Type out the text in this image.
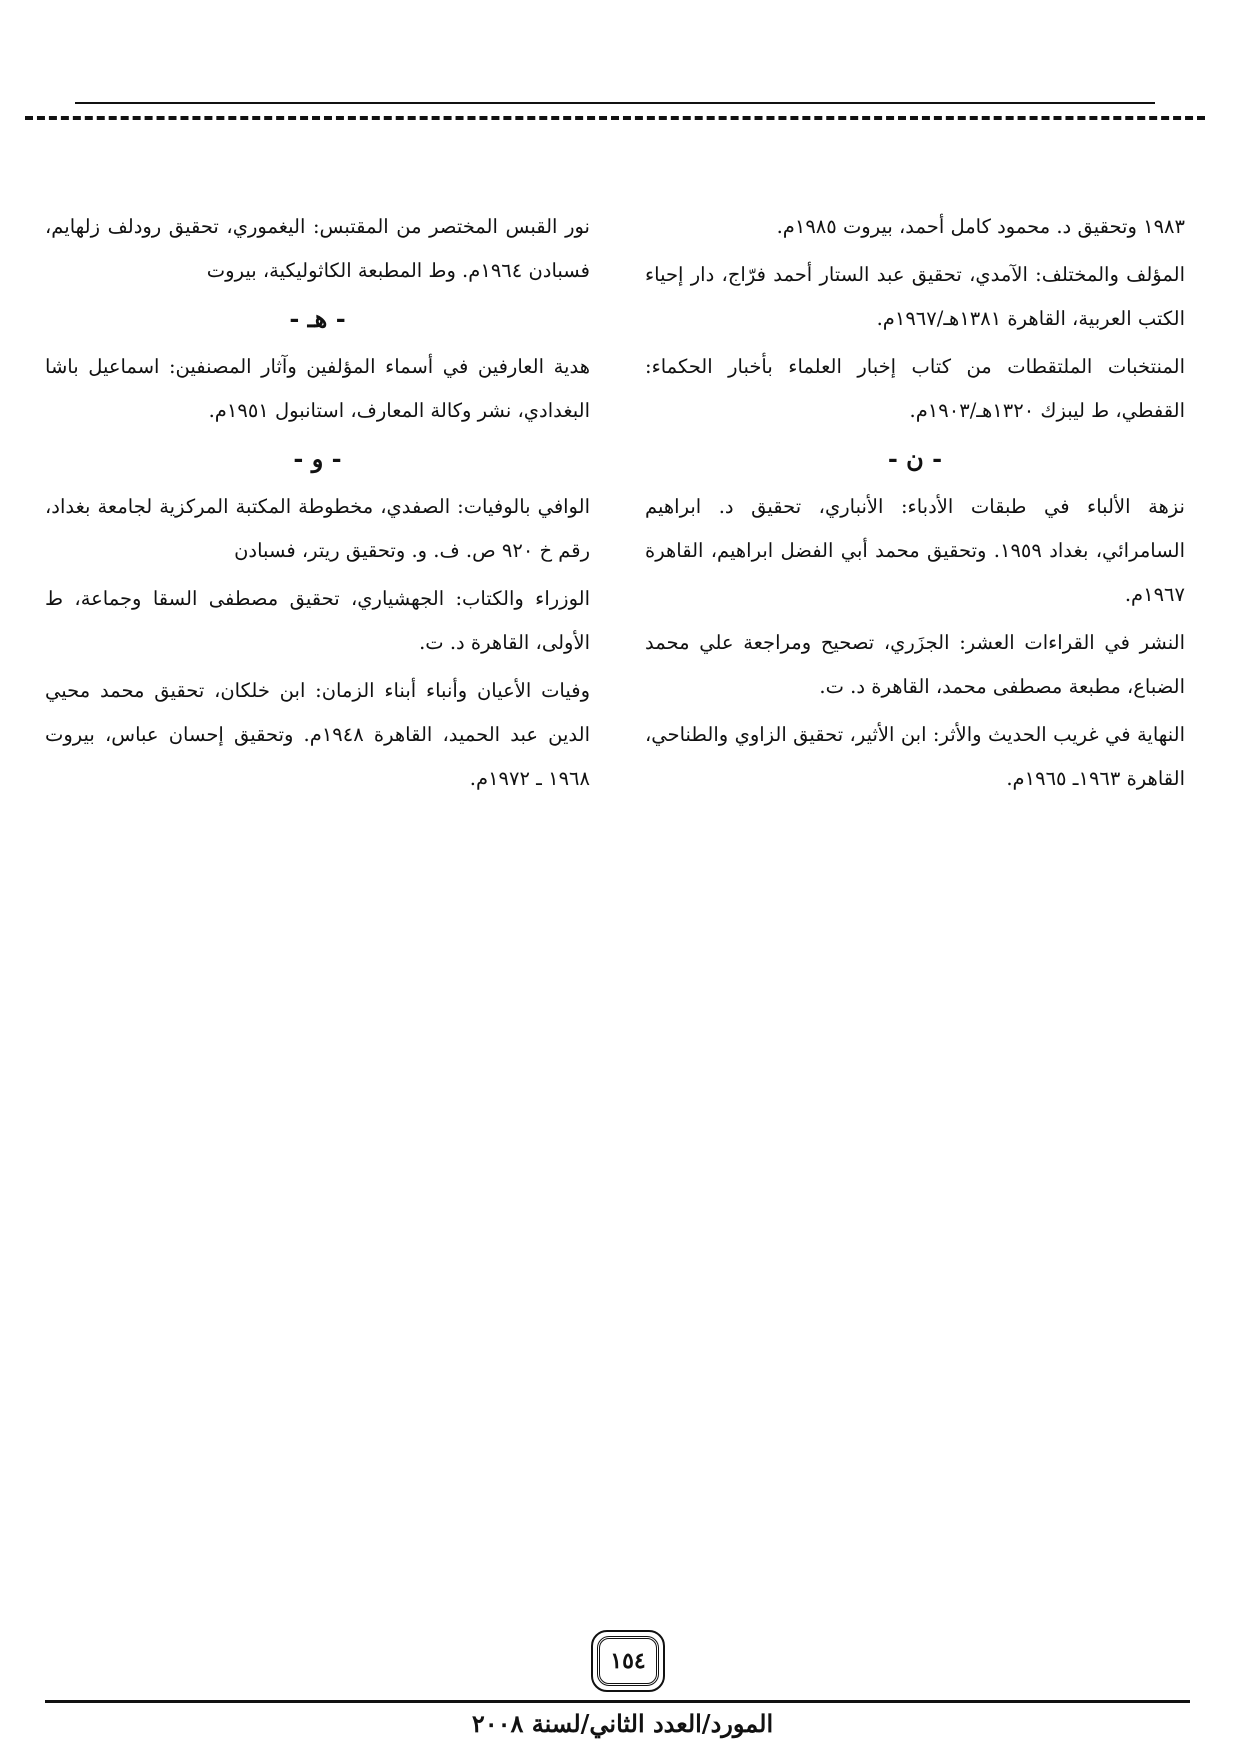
١٩٨٣ وتحقيق د. محمود كامل أحمد، بيروت ١٩٨٥م.
المؤلف والمختلف: الآمدي، تحقيق عبد الستار أحمد فرّاج، دار إحياء الكتب العربية، القاهرة ١٣٨١هـ/١٩٦٧م.
المنتخبات الملتقطات من كتاب إخبار العلماء بأخبار الحكماء: القفطي، ط ليبزك ١٣٢٠هـ/١٩٠٣م.
- ن -
نزهة الألباء في طبقات الأدباء: الأنباري، تحقيق د. ابراهيم السامرائي، بغداد ١٩٥٩. وتحقيق محمد أبي الفضل ابراهيم، القاهرة ١٩٦٧م.
النشر في القراءات العشر: الجزَري، تصحيح ومراجعة علي محمد الضباع، مطبعة مصطفى محمد، القاهرة د. ت.
النهاية في غريب الحديث والأثر: ابن الأثير، تحقيق الزاوي والطناحي، القاهرة ١٩٦٣ـ ١٩٦٥م.
نور القبس المختصر من المقتبس: اليغموري، تحقيق رودلف زلهايم، فسبادن ١٩٦٤م. وط المطبعة الكاثوليكية، بيروت
- هـ -
هدية العارفين في أسماء المؤلفين وآثار المصنفين: اسماعيل باشا البغدادي، نشر وكالة المعارف، استانبول ١٩٥١م.
- و -
الوافي بالوفيات: الصفدي، مخطوطة المكتبة المركزية لجامعة بغداد، رقم خ ٩٢٠ ص. ف. و. وتحقيق ريتر، فسبادن
الوزراء والكتاب: الجهشياري، تحقيق مصطفى السقا وجماعة، ط الأولى، القاهرة د. ت.
وفيات الأعيان وأنباء أبناء الزمان: ابن خلكان، تحقيق محمد محيي الدين عبد الحميد، القاهرة ١٩٤٨م. وتحقيق إحسان عباس، بيروت ١٩٦٨ ـ ١٩٧٢م.
١٥٤
المورد/العدد الثاني/لسنة ٢٠٠٨
